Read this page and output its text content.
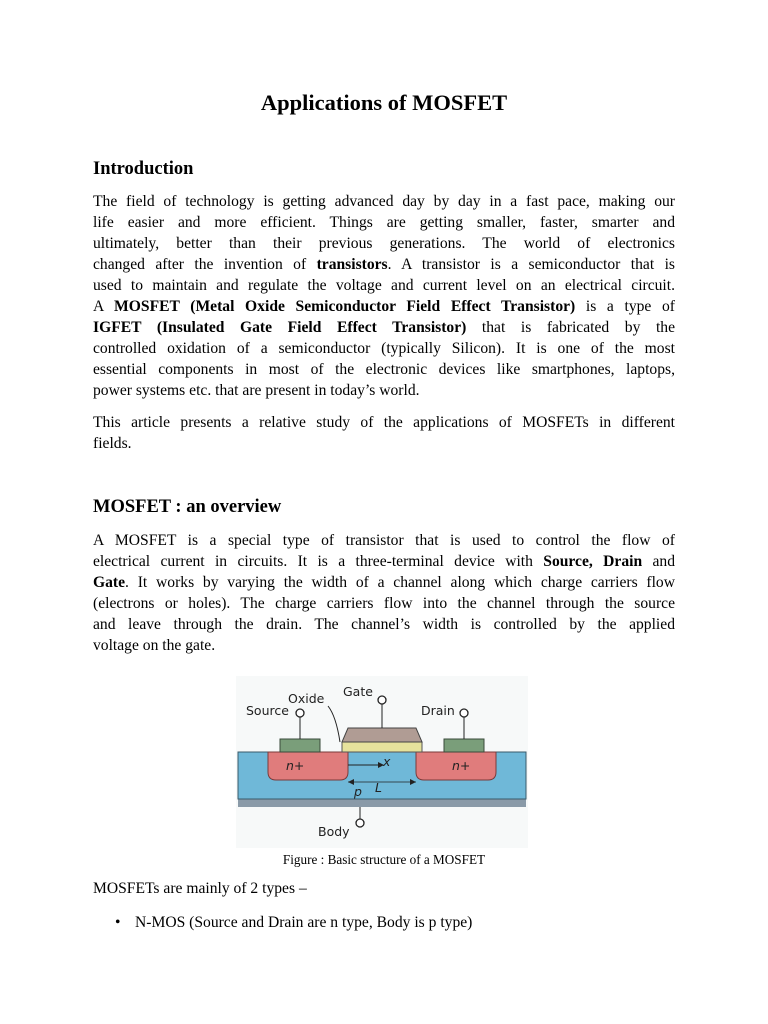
Applications of MOSFET
Introduction

The field of technology is getting advanced day by day in a fast pace, making our
life easier and more efficient. Things are getting smaller, faster, smarter and
ultimately, better than their previous generations. The world of electronics
changed after the invention of transistors. A transistor is a semiconductor that is
used to maintain and regulate the voltage and current level on an electrical circuit.
A MOSFET (Metal Oxide Semiconductor Field Effect Transistor) is a type of
IGFET (Insulated Gate Field Effect Transistor) that is fabricated by the
controlled oxidation of a semiconductor (typically Silicon). It is one of the most
essential components in most of the electronic devices like smartphones, laptops,
power systems etc. that are present in today’s world.

This article presents a relative study of the applications of MOSFETs in different
fields.

MOSFET : an overview

A MOSFET is a special type of transistor that is used to control the flow of
electrical current in circuits. It is a three-terminal device with Source, Drain and
Gate. It works by varying the width of a channel along which charge carriers flow
(electrons or holes). The charge carriers flow into the channel through the source
and leave through the drain. The channel’s width is controlled by the applied
voltage on the gate.

Oxide Gate
Source	Drain
n+	n+
x
p L
Body
Figure : Basic structure of a MOSFET

MOSFETs are mainly of 2 types –

• N-MOS (Source and Drain are n type, Body is p type)
